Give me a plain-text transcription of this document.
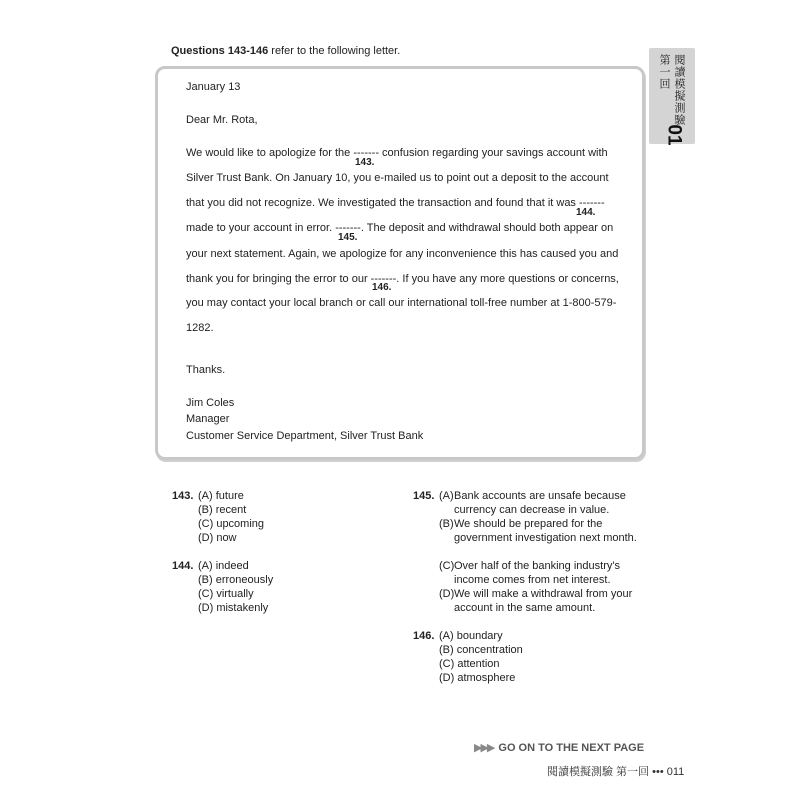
Questions 143-146 refer to the following letter.
閱讀模擬測驗
第一回
01
January 13
Dear Mr. Rota,
We would like to apologize for the ------- confusion regarding your savings account with
143.
Silver Trust Bank. On January 10, you e-mailed us to point out a deposit to the account
that you did not recognize. We investigated the transaction and found that it was -------
144.
made to your account in error. -------. The deposit and withdrawal should both appear on
145.
your next statement. Again, we apologize for any inconvenience this has caused you and
thank you for bringing the error to our -------. If you have any more questions or concerns,
146.
you may contact your local branch or call our international toll-free number at 1-800-579-
1282.
Thanks.
Jim Coles
Manager
Customer Service Department, Silver Trust Bank
143. (A) future
(B) recent
(C) upcoming
(D) now
144. (A) indeed
(B) erroneously
(C) virtually
(D) mistakenly
145. (A) Bank accounts are unsafe because currency can decrease in value.
(B) We should be prepared for the government investigation next month.
(C) Over half of the banking industry's income comes from net interest.
(D) We will make a withdrawal from your account in the same amount.
146. (A) boundary
(B) concentration
(C) attention
(D) atmosphere
▶▶▶ GO ON TO THE NEXT PAGE
閱讀模擬測驗 第一回 ••• 011
